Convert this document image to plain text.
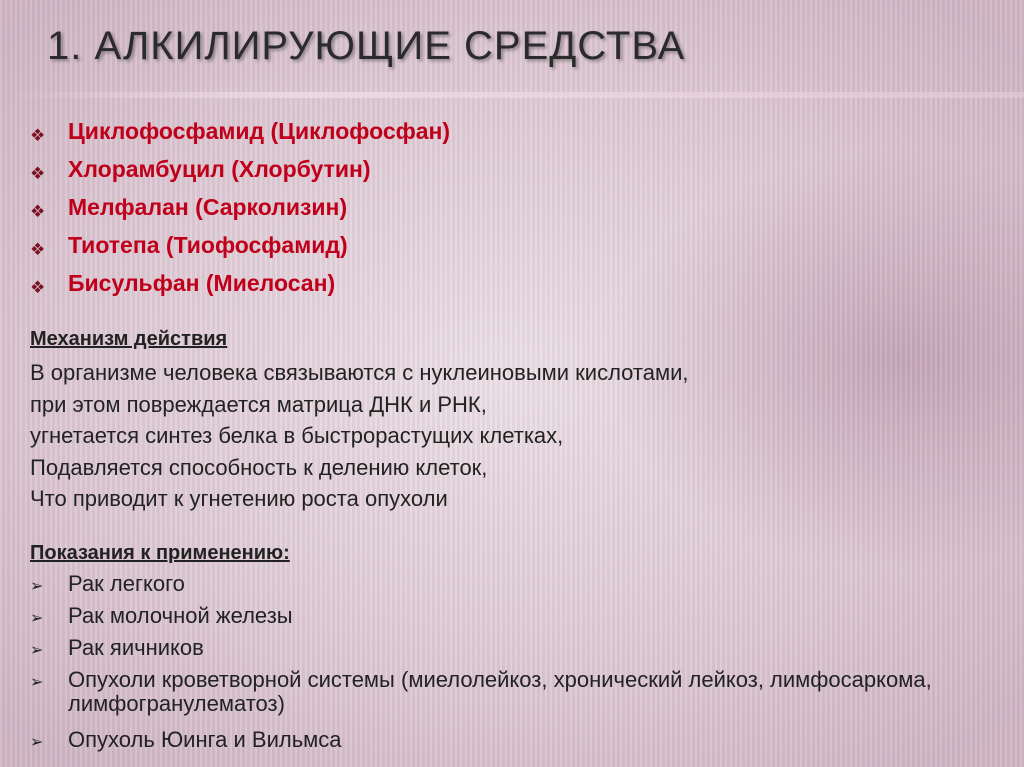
1. АЛКИЛИРУЮЩИЕ СРЕДСТВА
❖ Циклофосфамид (Циклофосфан)
❖ Хлорамбуцил (Хлорбутин)
❖ Мелфалан (Сарколизин)
❖ Тиотепа (Тиофосфамид)
❖ Бисульфан (Миелосан)
Механизм действия
В организме человека связываются с нуклеиновыми кислотами,
при этом повреждается матрица ДНК и РНК,
угнетается синтез белка в быстрорастущих клетках,
Подавляется способность к делению клеток,
Что приводит к угнетению роста опухоли
Показания к применению:
➢ Рак легкого
➢ Рак молочной железы
➢ Рак яичников
➢ Опухоли кроветворной системы (миелолейкоз, хронический лейкоз, лимфосаркома, лимфогранулематоз)
➢ Опухоль Юинга и Вильмса
